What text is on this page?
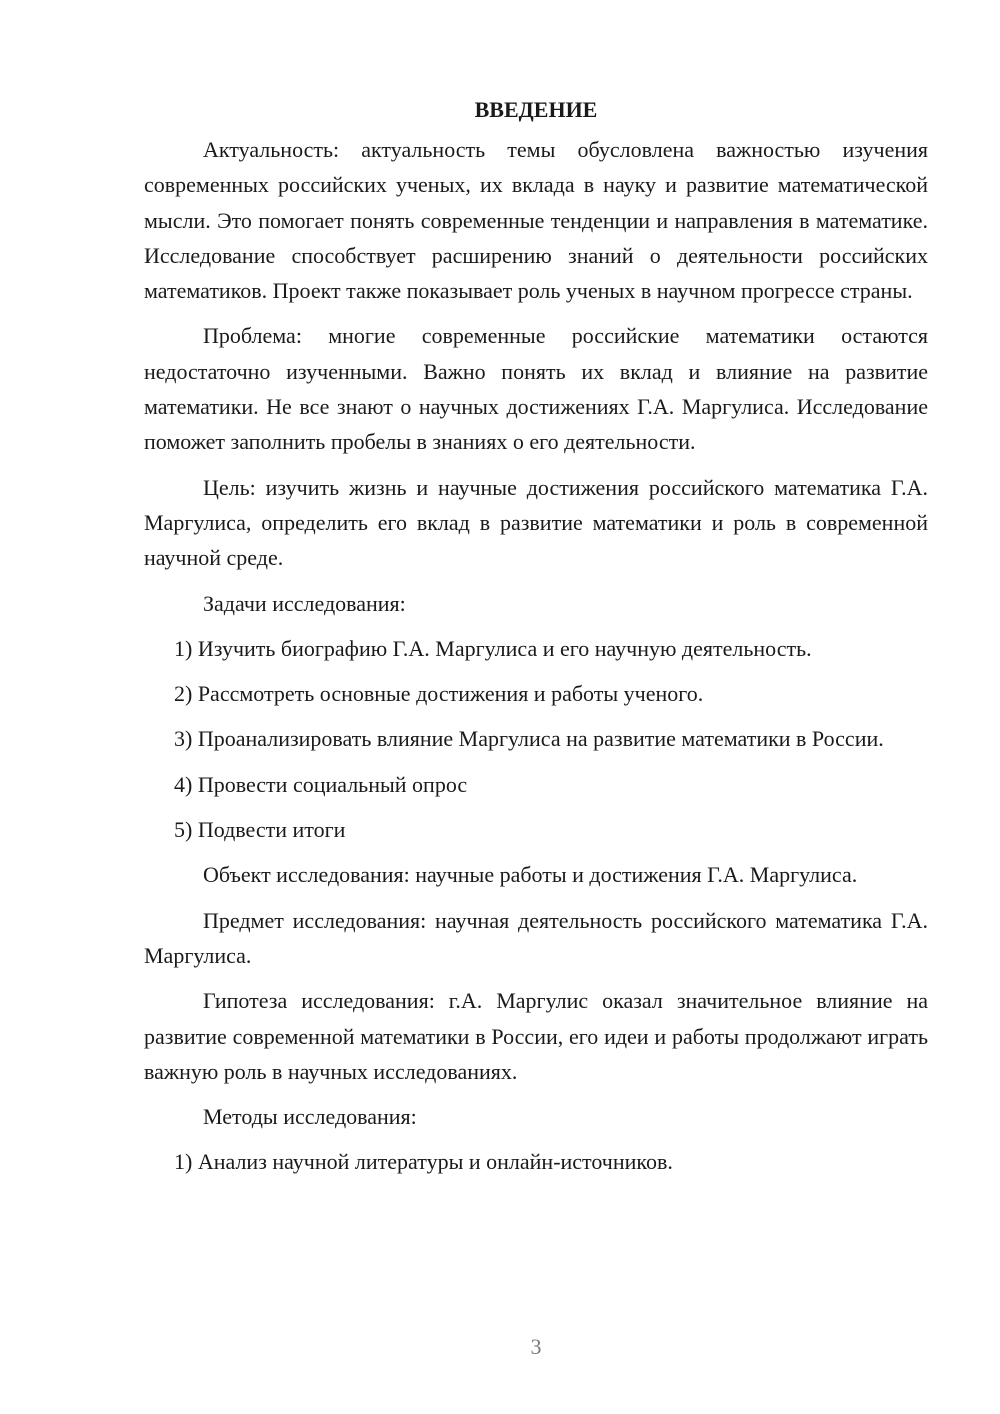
ВВЕДЕНИЕ

Актуальность: актуальность темы обусловлена важностью изучения современных российских ученых, их вклада в науку и развитие математической мысли. Это помогает понять современные тенденции и направления в математике. Исследование способствует расширению знаний о деятельности российских математиков. Проект также показывает роль ученых в научном прогрессе страны.

Проблема: многие современные российские математики остаются недостаточно изученными. Важно понять их вклад и влияние на развитие математики. Не все знают о научных достижениях Г.А. Маргулиса. Исследование поможет заполнить пробелы в знаниях о его деятельности.

Цель: изучить жизнь и научные достижения российского математика Г.А. Маргулиса, определить его вклад в развитие математики и роль в современной научной среде.

Задачи исследования:

1) Изучить биографию Г.А. Маргулиса и его научную деятельность.

2) Рассмотреть основные достижения и работы ученого.

3) Проанализировать влияние Маргулиса на развитие математики в России.

4) Провести социальный опрос

5) Подвести итоги

Объект исследования: научные работы и достижения Г.А. Маргулиса.

Предмет исследования: научная деятельность российского математика Г.А. Маргулиса.

Гипотеза исследования: г.А. Маргулис оказал значительное влияние на развитие современной математики в России, его идеи и работы продолжают играть важную роль в научных исследованиях.

Методы исследования:

1) Анализ научной литературы и онлайн-источников.

3
